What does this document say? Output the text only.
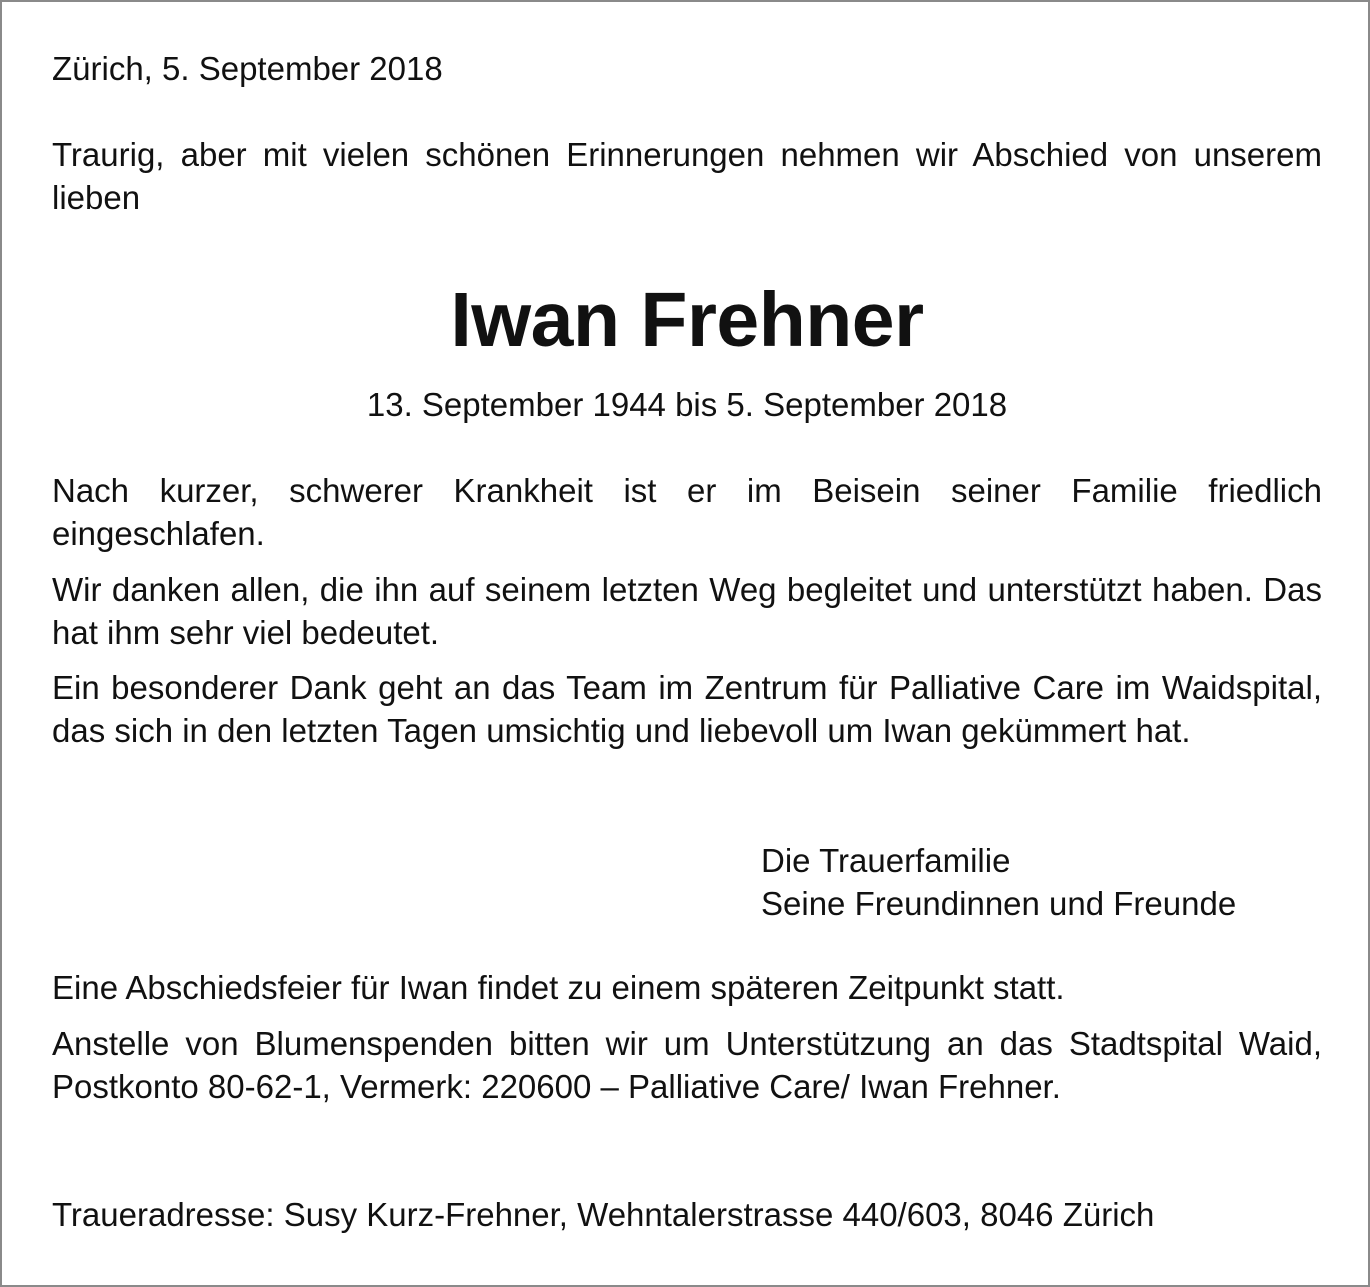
Zürich, 5. September 2018
Traurig, aber mit vielen schönen Erinnerungen nehmen wir Abschied von unserem lieben
Iwan Frehner
13. September 1944 bis 5. September 2018
Nach kurzer, schwerer Krankheit ist er im Beisein seiner Familie friedlich eingeschlafen.
Wir danken allen, die ihn auf seinem letzten Weg begleitet und unterstützt haben. Das hat ihm sehr viel bedeutet.
Ein besonderer Dank geht an das Team im Zentrum für Palliative Care im Waidspital, das sich in den letzten Tagen umsichtig und liebevoll um Iwan gekümmert hat.
Die Trauerfamilie
Seine Freundinnen und Freunde
Eine Abschiedsfeier für Iwan findet zu einem späteren Zeitpunkt statt.
Anstelle von Blumenspenden bitten wir um Unterstützung an das Stadtspital Waid, Postkonto 80-62-1, Vermerk: 220600 – Palliative Care/ Iwan Frehner.
Traueradresse: Susy Kurz-Frehner, Wehntalerstrasse 440/603, 8046 Zürich
